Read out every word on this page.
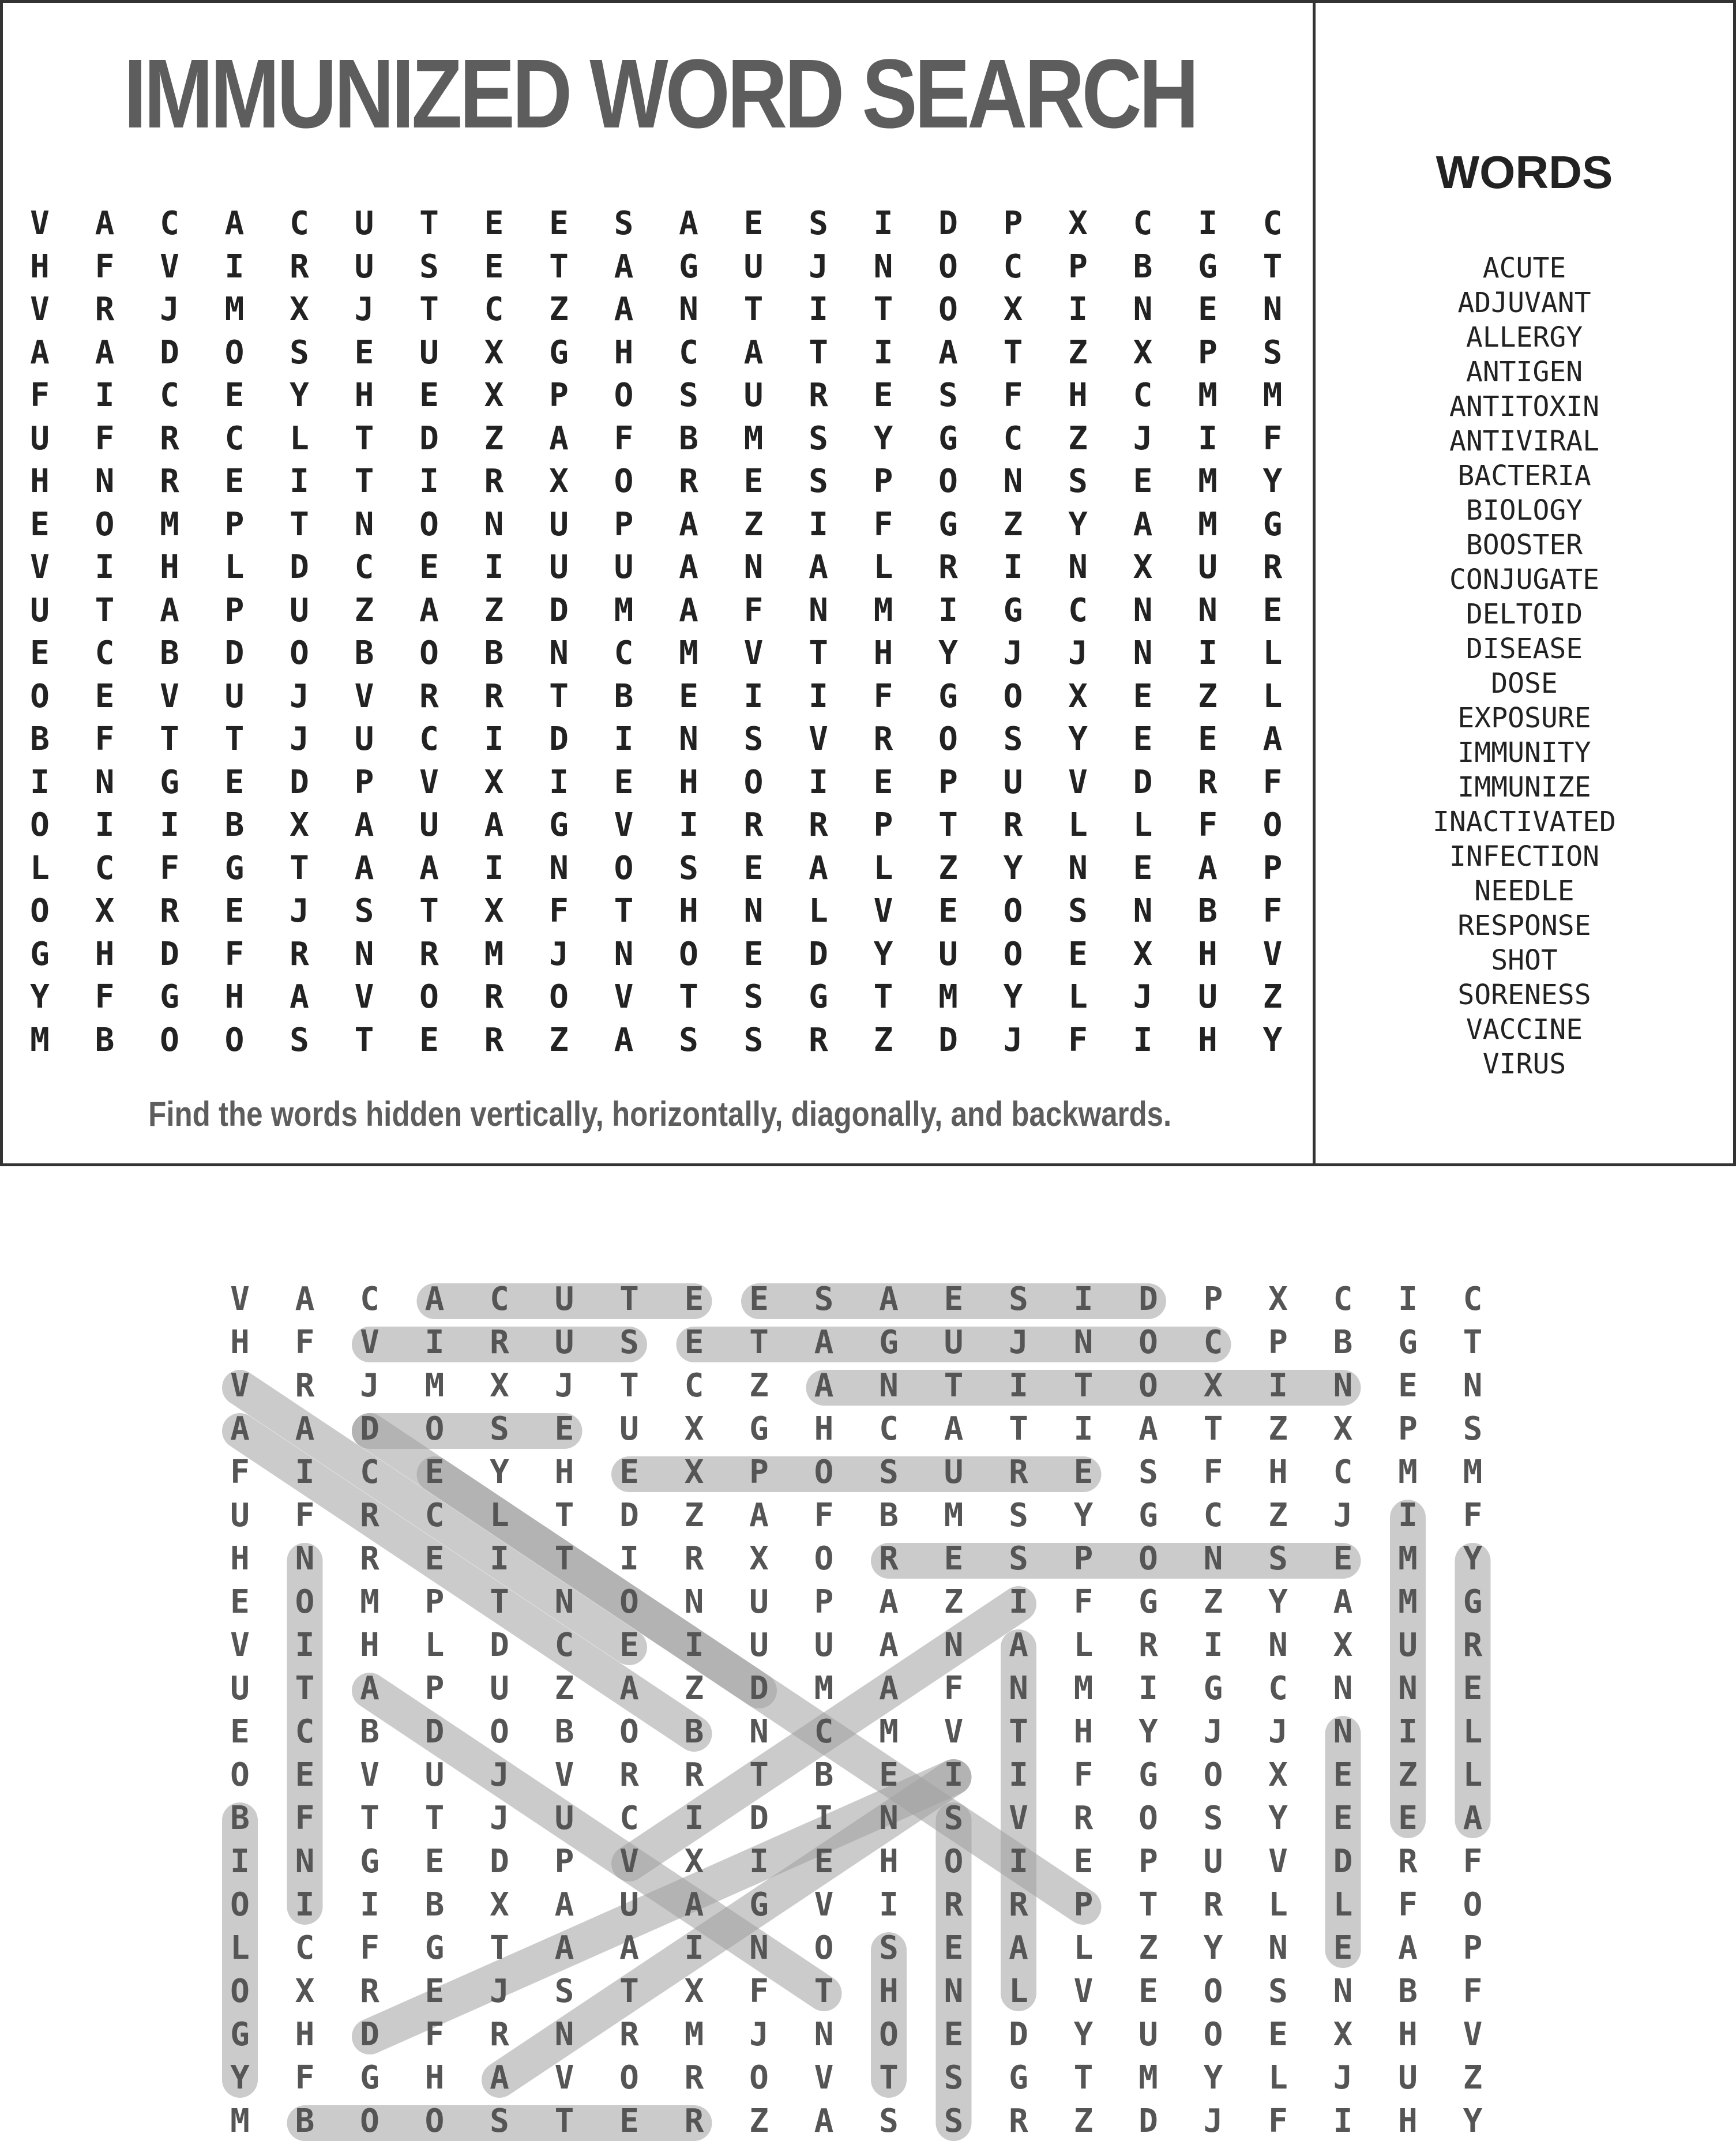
IMMUNIZED WORD SEARCH
V	A	C	A	C	U	T	E	E	S	A	E	S	I	D	P	X	C	I	C
H	F	V	I	R	U	S	E	T	A	G	U	J	N	O	C	P	B	G	T
V	R	J	M	X	J	T	C	Z	A	N	T	I	T	O	X	I	N	E	N
A	A	D	O	S	E	U	X	G	H	C	A	T	I	A	T	Z	X	P	S
F	I	C	E	Y	H	E	X	P	O	S	U	R	E	S	F	H	C	M	M
U	F	R	C	L	T	D	Z	A	F	B	M	S	Y	G	C	Z	J	I	F
H	N	R	E	I	T	I	R	X	O	R	E	S	P	O	N	S	E	M	Y
E	O	M	P	T	N	O	N	U	P	A	Z	I	F	G	Z	Y	A	M	G
V	I	H	L	D	C	E	I	U	U	A	N	A	L	R	I	N	X	U	R
U	T	A	P	U	Z	A	Z	D	M	A	F	N	M	I	G	C	N	N	E
E	C	B	D	O	B	O	B	N	C	M	V	T	H	Y	J	J	N	I	L
O	E	V	U	J	V	R	R	T	B	E	I	I	F	G	O	X	E	Z	L
B	F	T	T	J	U	C	I	D	I	N	S	V	R	O	S	Y	E	E	A
I	N	G	E	D	P	V	X	I	E	H	O	I	E	P	U	V	D	R	F
O	I	I	B	X	A	U	A	G	V	I	R	R	P	T	R	L	L	F	O
L	C	F	G	T	A	A	I	N	O	S	E	A	L	Z	Y	N	E	A	P
O	X	R	E	J	S	T	X	F	T	H	N	L	V	E	O	S	N	B	F
G	H	D	F	R	N	R	M	J	N	O	E	D	Y	U	O	E	X	H	V
Y	F	G	H	A	V	O	R	O	V	T	S	G	T	M	Y	L	J	U	Z
M	B	O	O	S	T	E	R	Z	A	S	S	R	Z	D	J	F	I	H	Y
Find the words hidden vertically, horizontally, diagonally, and backwards.
WORDS
ACUTE
ADJUVANT
ALLERGY
ANTIGEN
ANTITOXIN
ANTIVIRAL
BACTERIA
BIOLOGY
BOOSTER
CONJUGATE
DELTOID
DISEASE
DOSE
EXPOSURE
IMMUNITY
IMMUNIZE
INACTIVATED
INFECTION
NEEDLE
RESPONSE
SHOT
SORENESS
VACCINE
VIRUS
V	A	C	A	C	U	T	E	E	S	A	E	S	I	D	P	X	C	I	C
H	F	V	I	R	U	S	E	T	A	G	U	J	N	O	C	P	B	G	T
V	R	J	M	X	J	T	C	Z	A	N	T	I	T	O	X	I	N	E	N
A	A	D	O	S	E	U	X	G	H	C	A	T	I	A	T	Z	X	P	S
F	I	C	E	Y	H	E	X	P	O	S	U	R	E	S	F	H	C	M	M
U	F	R	C	L	T	D	Z	A	F	B	M	S	Y	G	C	Z	J	I	F
H	N	R	E	I	T	I	R	X	O	R	E	S	P	O	N	S	E	M	Y
E	O	M	P	T	N	O	N	U	P	A	Z	I	F	G	Z	Y	A	M	G
V	I	H	L	D	C	E	I	U	U	A	N	A	L	R	I	N	X	U	R
U	T	A	P	U	Z	A	Z	D	M	A	F	N	M	I	G	C	N	N	E
E	C	B	D	O	B	O	B	N	C	M	V	T	H	Y	J	J	N	I	L
O	E	V	U	J	V	R	R	T	B	E	I	I	F	G	O	X	E	Z	L
B	F	T	T	J	U	C	I	D	I	N	S	V	R	O	S	Y	E	E	A
I	N	G	E	D	P	V	X	I	E	H	O	I	E	P	U	V	D	R	F
O	I	I	B	X	A	U	A	G	V	I	R	R	P	T	R	L	L	F	O
L	C	F	G	T	A	A	I	N	O	S	E	A	L	Z	Y	N	E	A	P
O	X	R	E	J	S	T	X	F	T	H	N	L	V	E	O	S	N	B	F
G	H	D	F	R	N	R	M	J	N	O	E	D	Y	U	O	E	X	H	V
Y	F	G	H	A	V	O	R	O	V	T	S	G	T	M	Y	L	J	U	Z
M	B	O	O	S	T	E	R	Z	A	S	S	R	Z	D	J	F	I	H	Y
